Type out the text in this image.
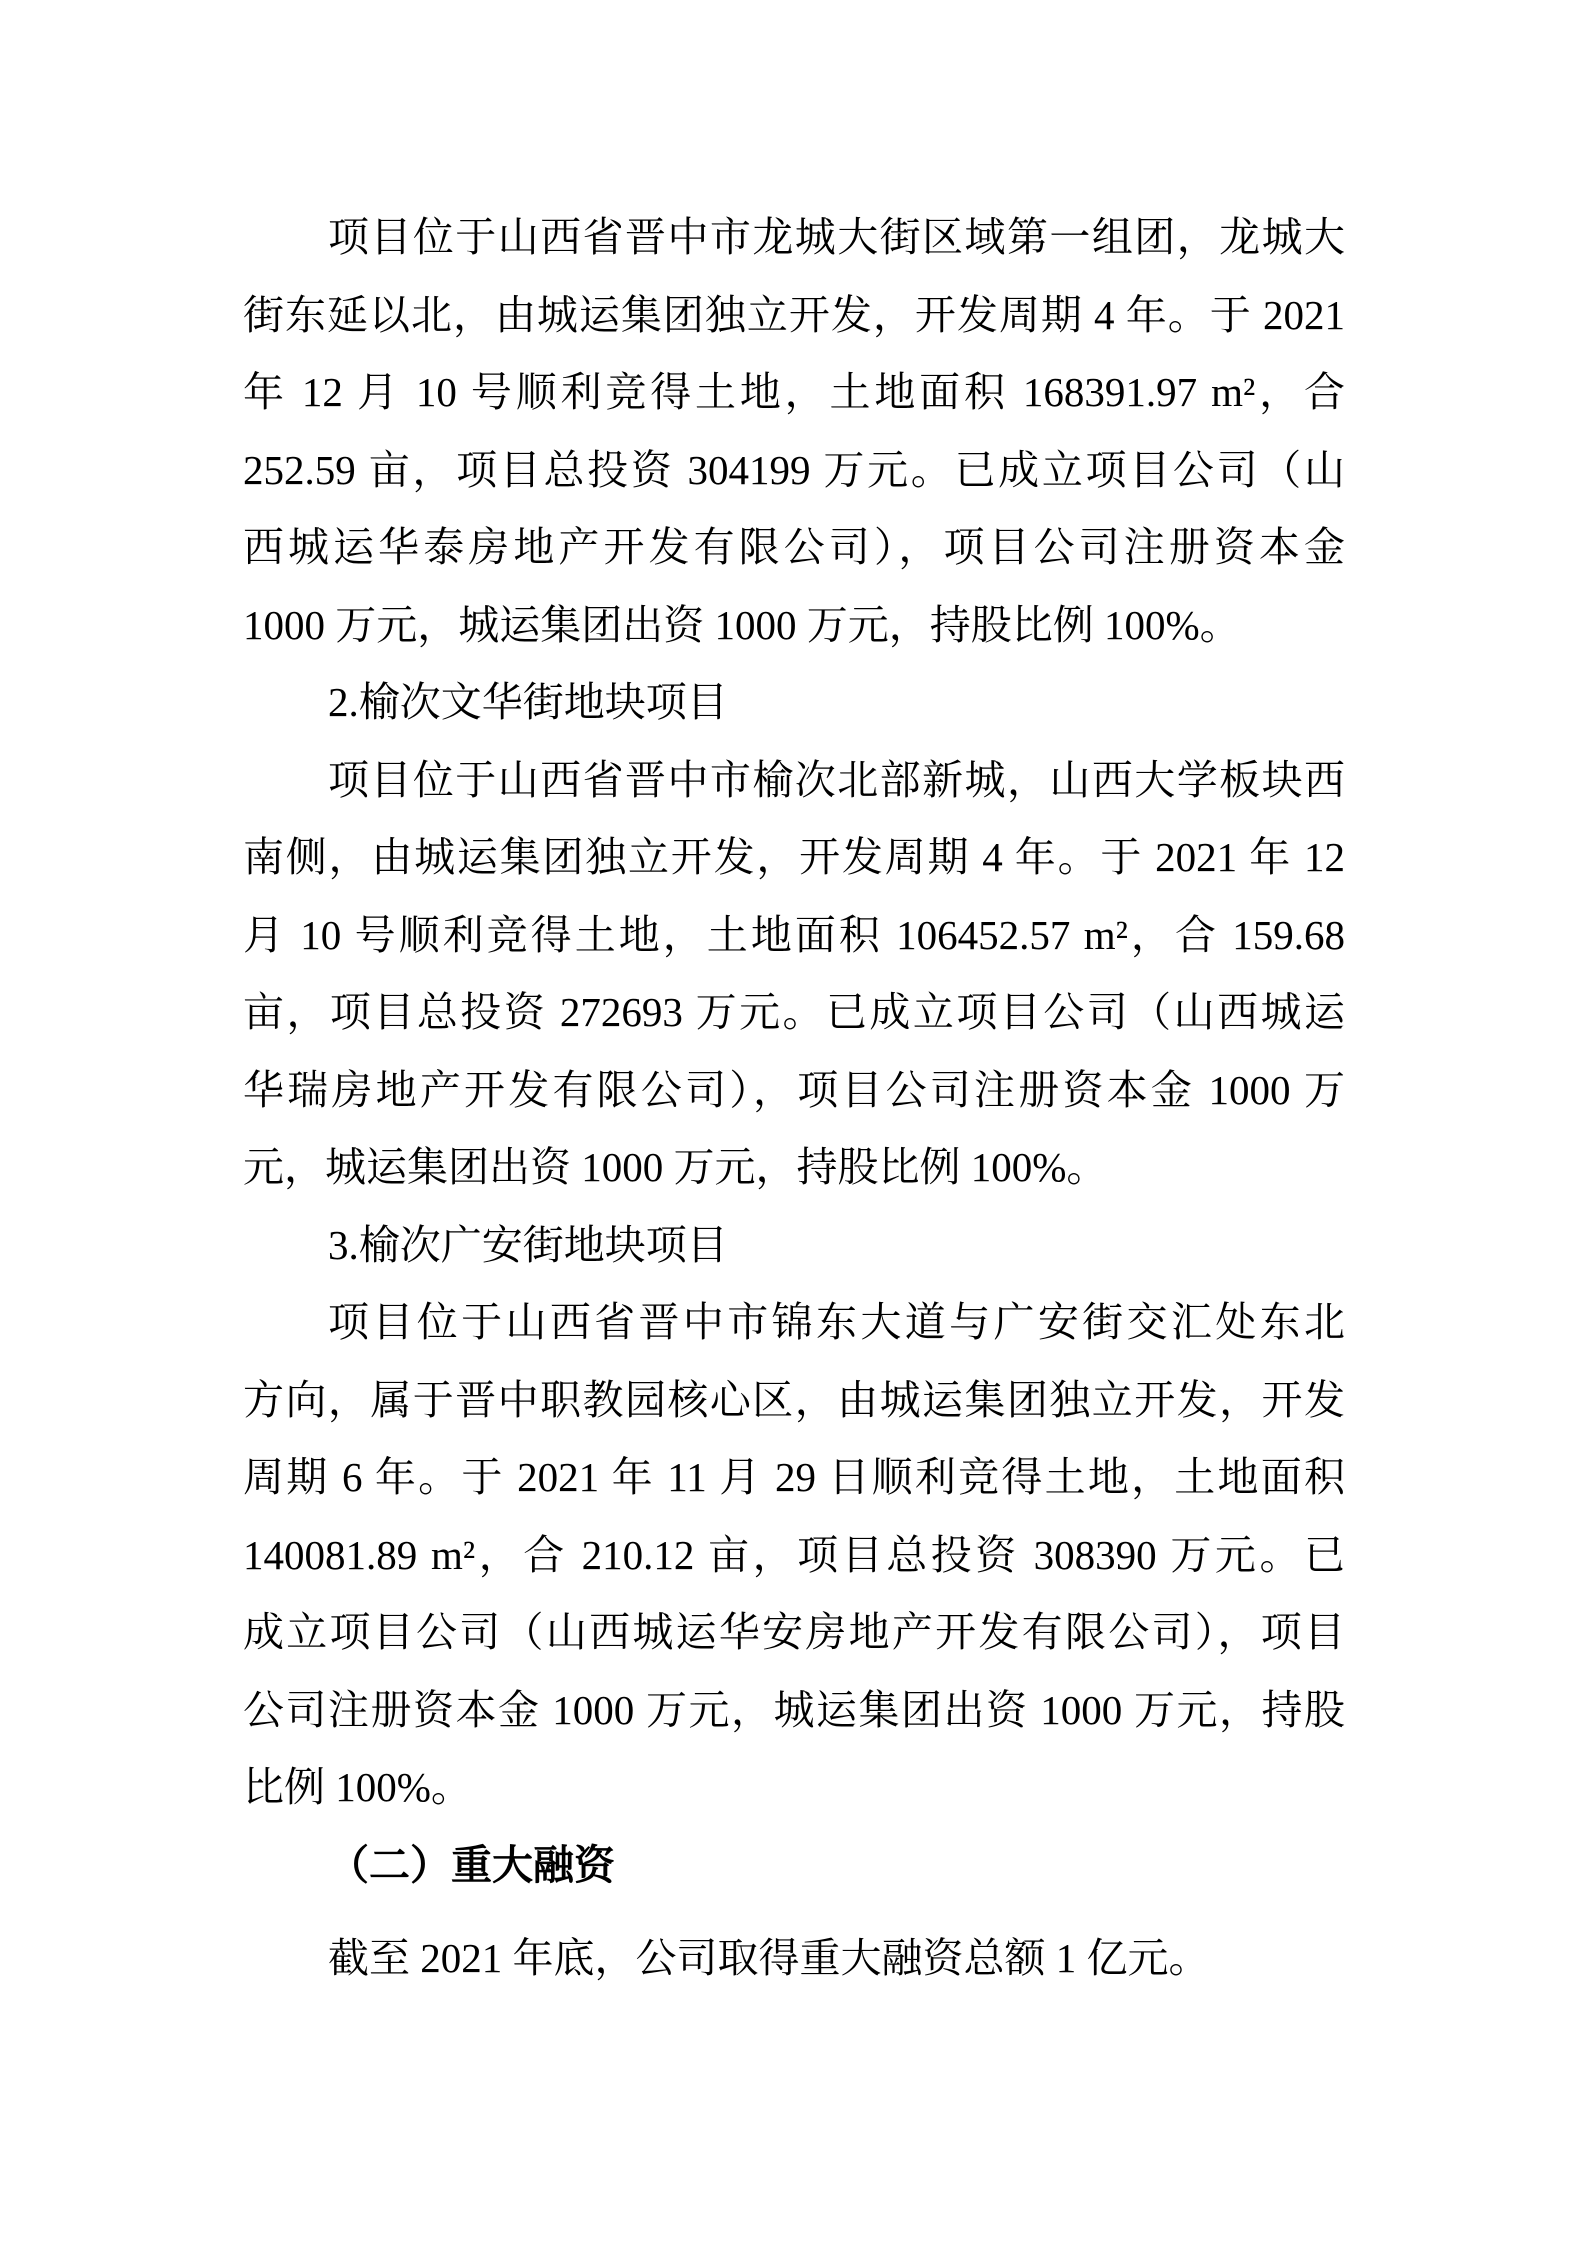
项目位于山西省晋中市龙城大街区域第一组团，龙城大
街东延以北，由城运集团独立开发，开发周期 4 年。于 2021
年 12 月 10 号顺利竞得土地，土地面积 168391.97 m²，合
252.59 亩，项目总投资 304199 万元。已成立项目公司（山
西城运华泰房地产开发有限公司），项目公司注册资本金
1000 万元，城运集团出资 1000 万元，持股比例 100%。
2.榆次文华街地块项目
项目位于山西省晋中市榆次北部新城，山西大学板块西
南侧，由城运集团独立开发，开发周期 4 年。于 2021 年 12
月 10 号顺利竞得土地，土地面积 106452.57 m²，合 159.68
亩，项目总投资 272693 万元。已成立项目公司（山西城运
华瑞房地产开发有限公司），项目公司注册资本金 1000 万
元，城运集团出资 1000 万元，持股比例 100%。
3.榆次广安街地块项目
项目位于山西省晋中市锦东大道与广安街交汇处东北
方向，属于晋中职教园核心区，由城运集团独立开发，开发
周期 6 年。于 2021 年 11 月 29 日顺利竞得土地，土地面积
140081.89 m²，合 210.12 亩，项目总投资 308390 万元。已
成立项目公司（山西城运华安房地产开发有限公司），项目
公司注册资本金 1000 万元，城运集团出资 1000 万元，持股
比例 100%。
（二）重大融资
截至 2021 年底，公司取得重大融资总额 1 亿元。
